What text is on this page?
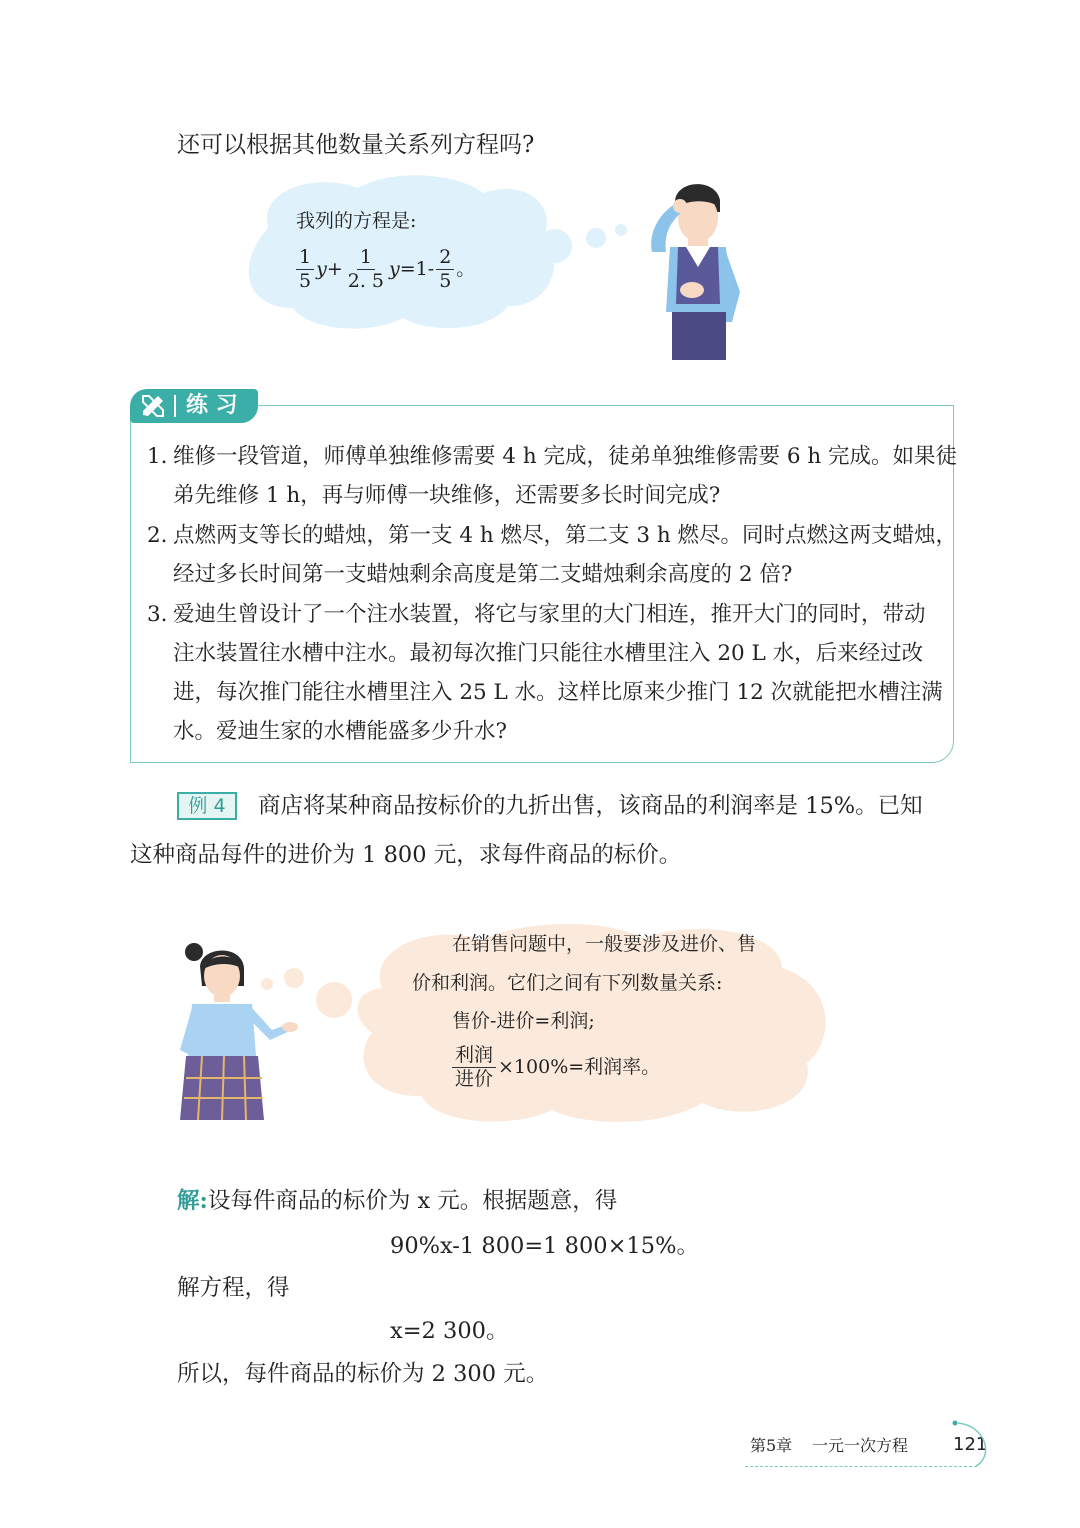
还可以根据其他数量关系列方程吗?
我列的方程是:
$\frac{1}{5}$ $y + \frac{1}{2. 5}$ $y =1- \frac{2}{5}$ 。
练 习
1. 维修一段管道，师傅单独维修需要 4 h 完成，徒弟单独维修需要 6 h 完成。如果徒
弟先维修 1 h，再与师傅一块维修，还需要多长时间完成?
2. 点燃两支等长的蜡烛，第一支 4 h 燃尽，第二支 3 h 燃尽。同时点燃这两支蜡烛，
经过多长时间第一支蜡烛剩余高度是第二支蜡烛剩余高度的 2 倍?
3. 爱迪生曾设计了一个注水装置，将它与家里的大门相连，推开大门的同时，带动
注水装置往水槽中注水。最初每次推门只能往水槽里注入 20 L 水，后来经过改
进，每次推门能往水槽里注入 25 L 水。这样比原来少推门 12 次就能把水槽注满
水。爱迪生家的水槽能盛多少升水?
例 4	商店将某种商品按标价的九折出售，该商品的利润率是 15%。已知
这种商品每件的进价为 1 800 元，求每件商品的标价。
在销售问题中，一般要涉及进价、售
价和利润。它们之间有下列数量关系:
售价-进价=利润;
$\frac{\text{利润}}{\text{进价}} \times 100\%=$利润率。
解:设每件商品的标价为 x 元。根据题意，得
90%x-1 800=1 800×15%。
解方程，得
x=2 300。
所以，每件商品的标价为 2 300 元。
第5章 一元一次方程 121
